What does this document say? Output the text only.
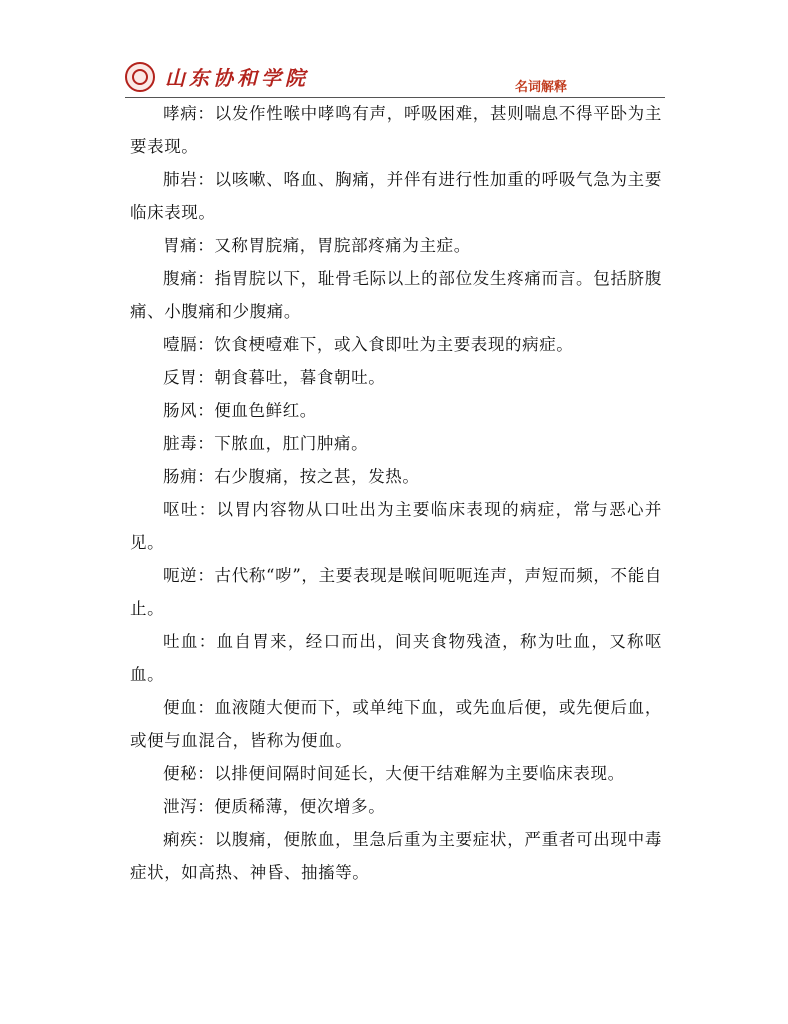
山东协和学院	名词解释

哮病：以发作性喉中哮鸣有声，呼吸困难，甚则喘息不得平卧为主要表现。

肺岩：以咳嗽、咯血、胸痛，并伴有进行性加重的呼吸气急为主要临床表现。

胃痛：又称胃脘痛，胃脘部疼痛为主症。

腹痛：指胃脘以下，耻骨毛际以上的部位发生疼痛而言。包括脐腹痛、小腹痛和少腹痛。

噎膈：饮食梗噎难下，或入食即吐为主要表现的病症。

反胃：朝食暮吐，暮食朝吐。

肠风：便血色鲜红。

脏毒：下脓血，肛门肿痛。

肠痈：右少腹痛，按之甚，发热。

呕吐：以胃内容物从口吐出为主要临床表现的病症，常与恶心并见。

呃逆：古代称“哕”，主要表现是喉间呃呃连声，声短而频，不能自止。

吐血：血自胃来，经口而出，间夹食物残渣，称为吐血，又称呕血。

便血：血液随大便而下，或单纯下血，或先血后便，或先便后血，或便与血混合，皆称为便血。

便秘：以排便间隔时间延长，大便干结难解为主要临床表现。

泄泻：便质稀薄，便次增多。

痢疾：以腹痛，便脓血，里急后重为主要症状，严重者可出现中毒症状，如高热、神昏、抽搐等。
